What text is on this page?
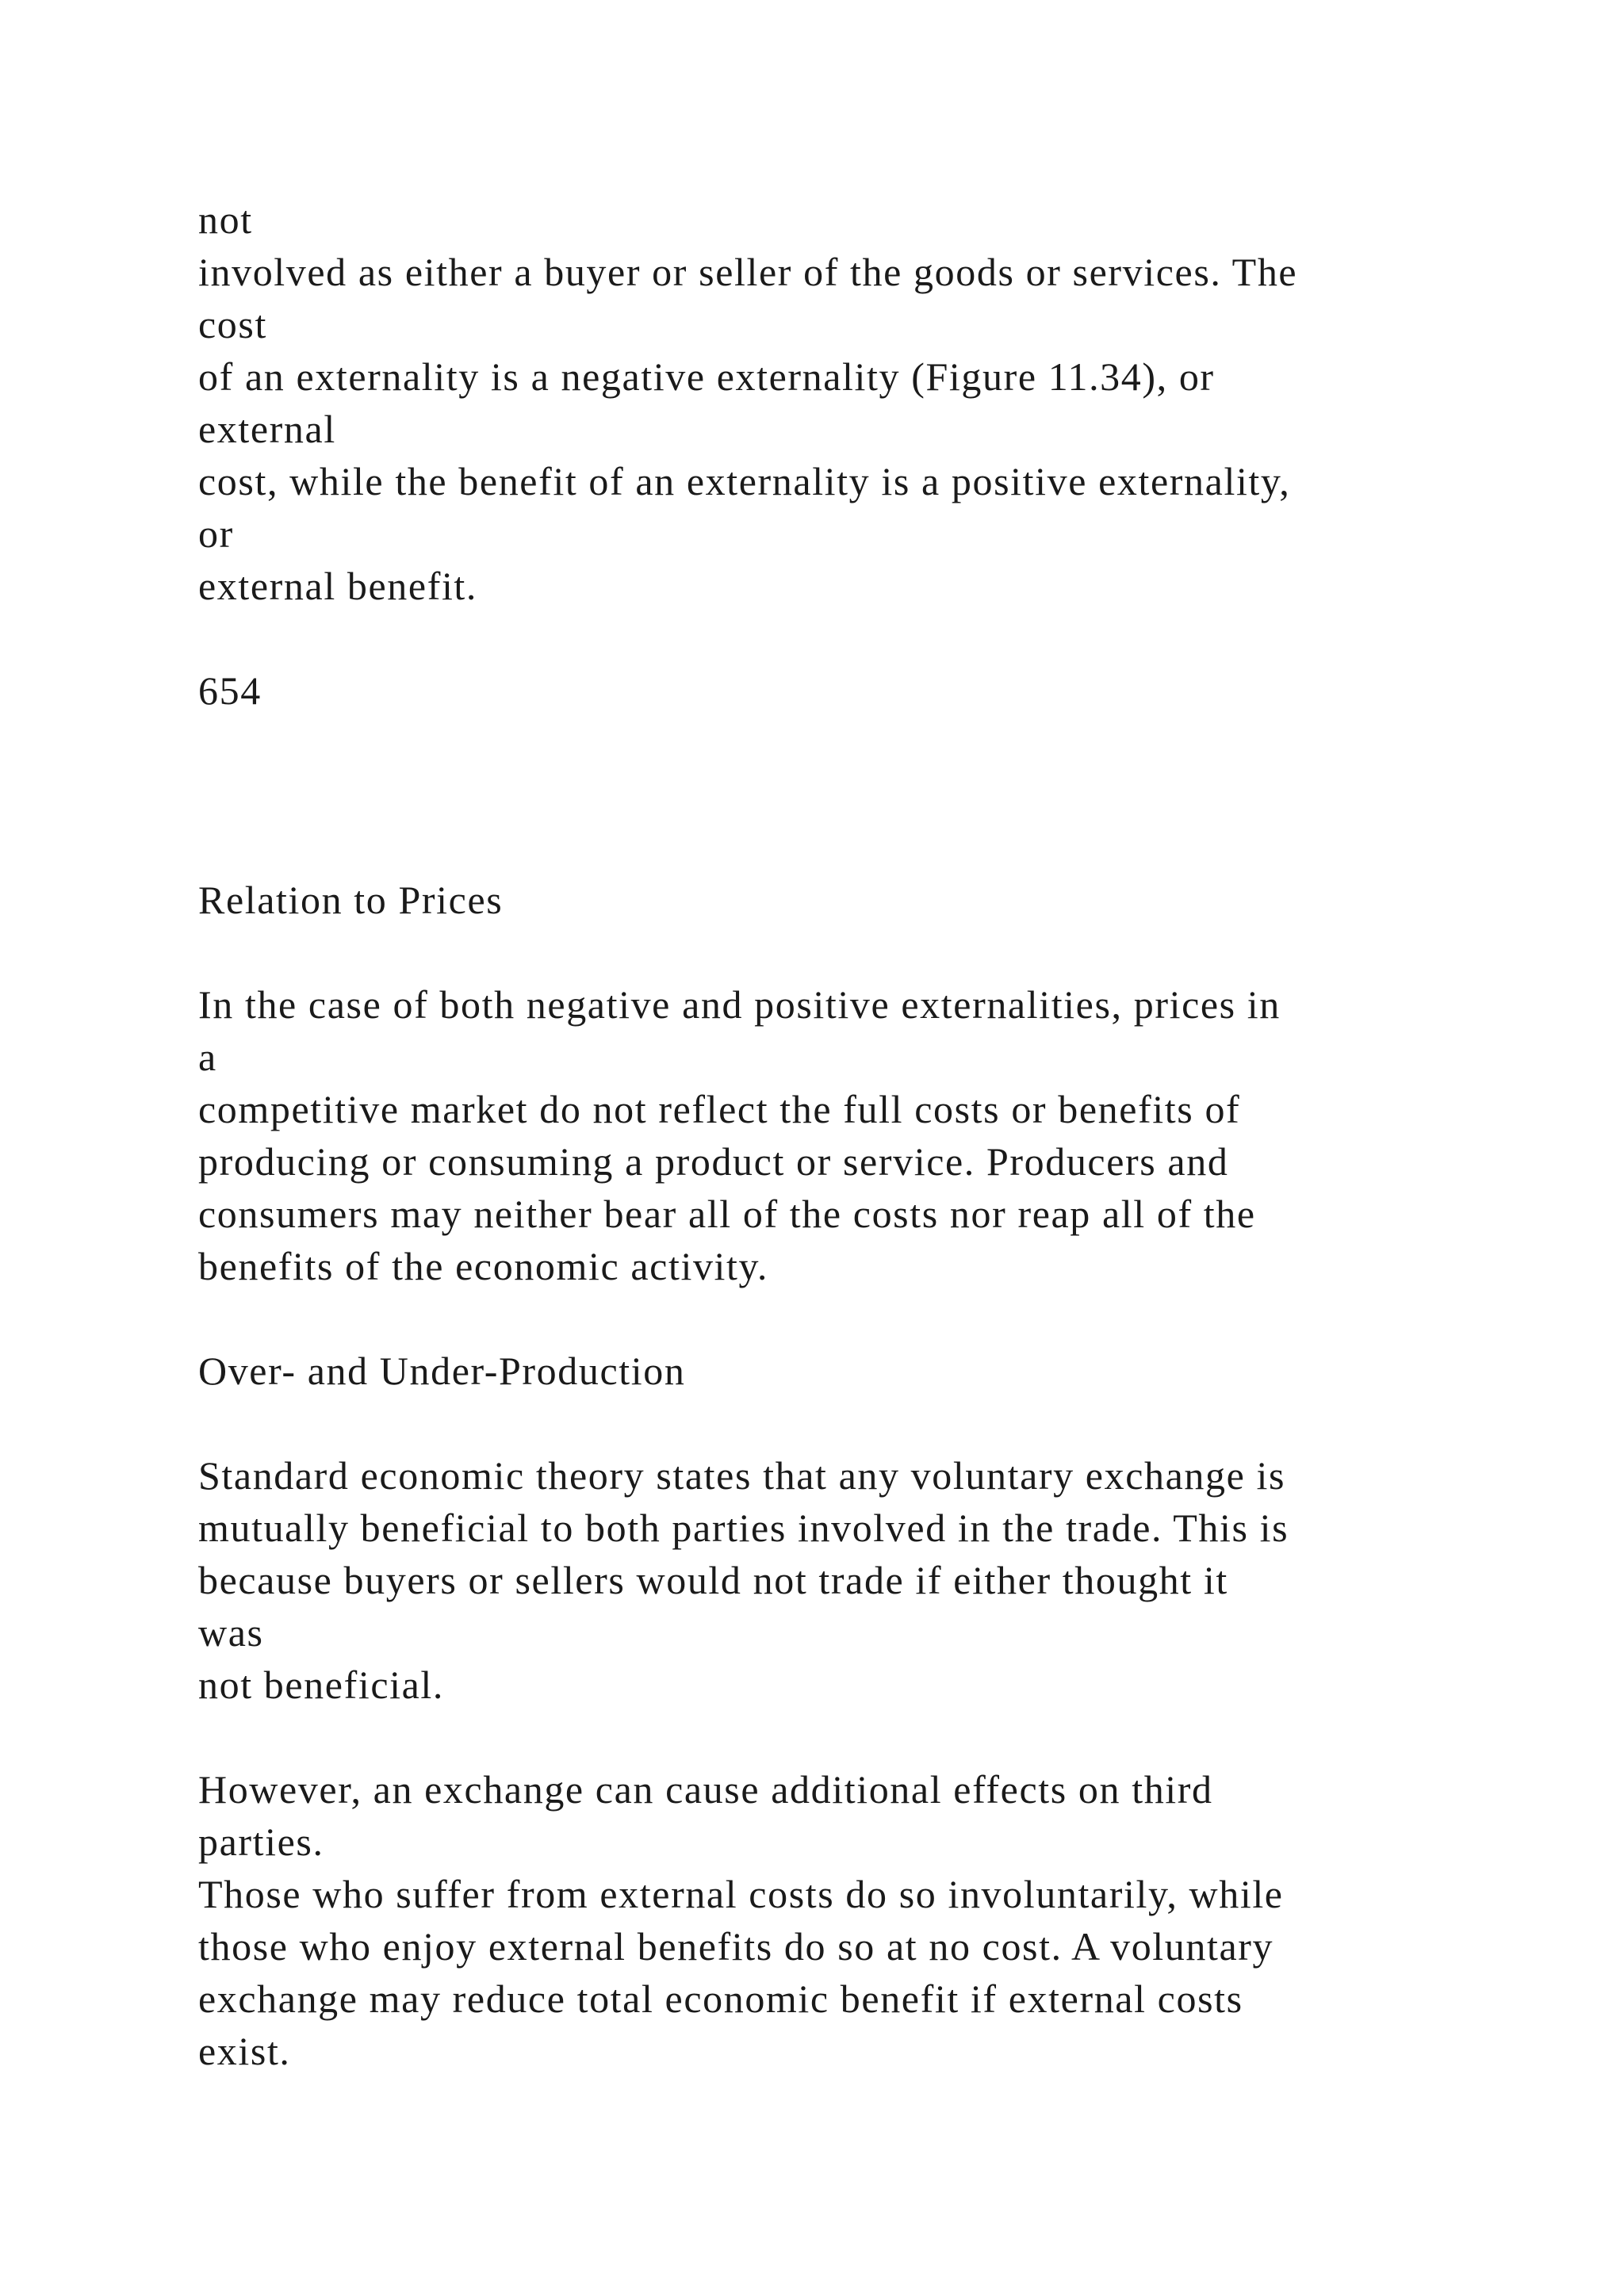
not
involved as either a buyer or seller of the goods or services. The
cost
of an externality is a negative externality (Figure 11.34), or
external
cost, while the benefit of an externality is a positive externality,
or
external benefit.
654
Relation to Prices
In the case of both negative and positive externalities, prices in
a
competitive market do not reflect the full costs or benefits of
producing or consuming a product or service. Producers and
consumers may neither bear all of the costs nor reap all of the
benefits of the economic activity.
Over- and Under-Production
Standard economic theory states that any voluntary exchange is
mutually beneficial to both parties involved in the trade. This is
because buyers or sellers would not trade if either thought it
was
not beneficial.
However, an exchange can cause additional effects on third
parties.
Those who suffer from external costs do so involuntarily, while
those who enjoy external benefits do so at no cost. A voluntary
exchange may reduce total economic benefit if external costs
exist.
